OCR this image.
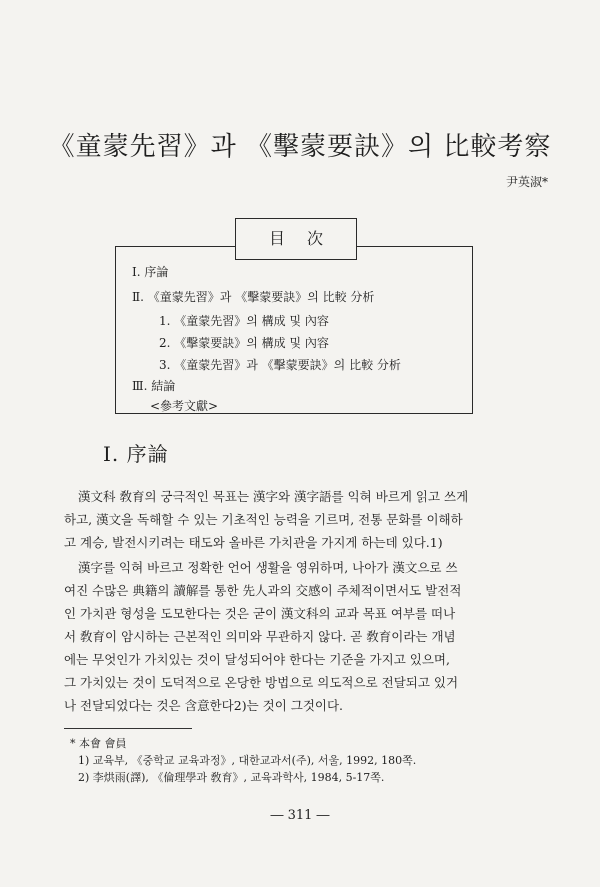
《童蒙先習》과 《擊蒙要訣》의 比較考察
尹英淑*
目次
Ⅰ. 序論
Ⅱ. 《童蒙先習》과 《擊蒙要訣》의 比較 分析
1. 《童蒙先習》의 構成 및 內容
2. 《擊蒙要訣》의 構成 및 內容
3. 《童蒙先習》과 《擊蒙要訣》의 比較 分析
Ⅲ. 結論
<參考文獻>
Ⅰ. 序論
漢文科 敎育의 궁극적인 목표는 漢字와 漢字語를 익혀 바르게 읽고 쓰게
하고, 漢文을 독해할 수 있는 기초적인 능력을 기르며, 전통 문화를 이해하
고 계승, 발전시키려는 태도와 올바른 가치관을 가지게 하는데 있다.1)
漢字를 익혀 바르고 정확한 언어 생활을 영위하며, 나아가 漢文으로 쓰
여진 수많은 典籍의 讀解를 통한 先人과의 交感이 주체적이면서도 발전적
인 가치관 형성을 도모한다는 것은 굳이 漢文科의 교과 목표 여부를 떠나
서 敎育이 암시하는 근본적인 의미와 무관하지 않다. 곧 敎育이라는 개념
에는 무엇인가 가치있는 것이 달성되어야 한다는 기준을 가지고 있으며,
그 가치있는 것이 도덕적으로 온당한 방법으로 의도적으로 전달되고 있거
나 전달되었다는 것은 含意한다2)는 것이 그것이다.
* 本會 會員
1) 교육부, 《중학교 교육과정》, 대한교과서(주), 서울, 1992, 180쪽.
2) 李烘雨(譯), 《倫理學과 敎育》, 교육과학사, 1984, 5-17쪽.
― 311 ―
